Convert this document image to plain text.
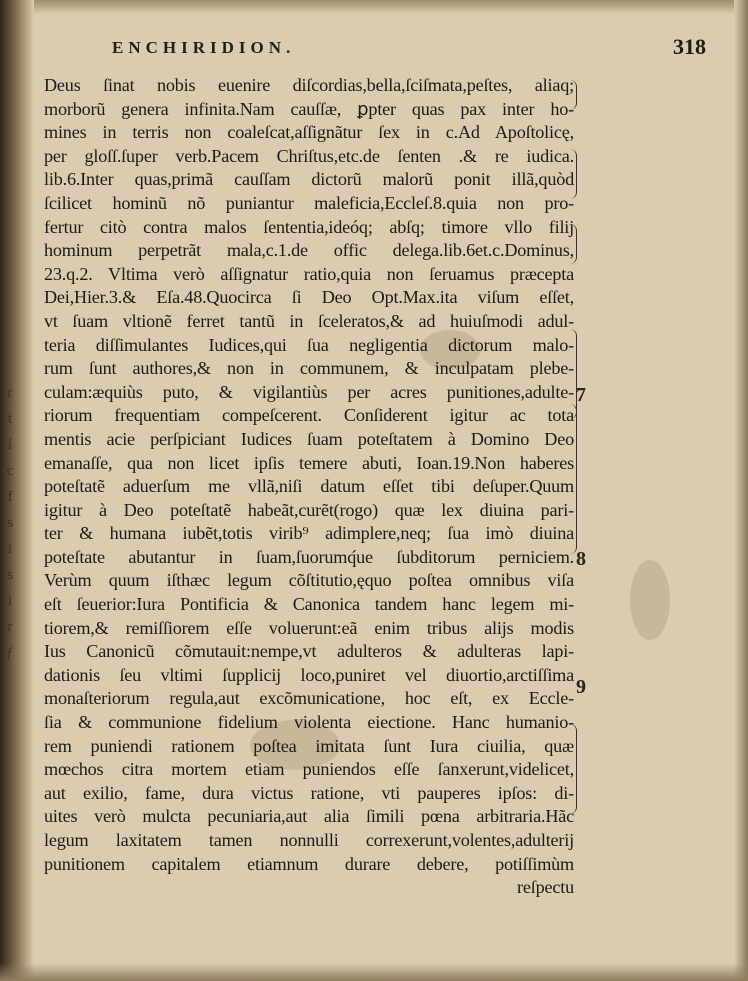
r
t
í
c
f
s
i
s
i
r
ƒ
ENCHIRIDION.	318
Deus ſinat nobis euenire diſcordias,bella,ſciſmata,peſtes, aliaq;
morborũ genera infinita.Nam cauſſæ, ꝑpter quas pax inter ho-
mines in terris non coaleſcat,aſſignãtur ſex in c.Ad Apoſtolicę,
per gloſſ.ſuper verb.Pacem Chriſtus,etc.de ſenten .& re iudica.
lib.6.Inter quas,primã cauſſam dictorũ malorũ ponit illã,quòd
ſcilicet hominũ nõ puniantur maleficia,Eccleſ.8.quia non pro-
fertur citò contra malos ſententia,ideóq; abſq; timore vllo filij
hominum perpetrãt mala,c.1.de offic delega.lib.6et.c.Dominus,
23.q.2. Vltima verò aſſignatur ratio,quia non ſeruamus præcepta
Dei,Hier.3.& Eſa.48.Quocirca ſi Deo Opt.Max.ita viſum eſſet,
vt ſuam vltionẽ ferret tantũ in ſceleratos,& ad huiuſmodi adul-
teria diſſimulantes Iudices,qui ſua negligentia dictorum malo-
rum ſunt authores,& non in communem, & inculpatam plebe-
culam:æquiùs puto, & vigilantiùs per acres punitiones,adulte-
riorum frequentiam compeſcerent. Conſiderent igitur ac tota
mentis acie perſpiciant Iudices ſuam poteſtatem à Domino Deo
emanaſſe, qua non licet ipſis temere abuti, Ioan.19.Non haberes
poteſtatẽ aduerſum me vllã,niſi datum eſſet tibi deſuper.Quum
igitur à Deo poteſtatẽ habeãt,curẽt(rogo) quæ lex diuina pari-
ter & humana iubẽt,totis virib⁹ adimplere,neq; ſua imò diuina
poteſtate abutantur in ſuam,ſuorumq́ue ſubditorum perniciem.
Verùm quum iſthæc legum cõſtitutio,ęquo poſtea omnibus viſa
eſt ſeuerior:Iura Pontificia & Canonica tandem hanc legem mi-
tiorem,& remiſſiorem eſſe voluerunt:eã enim tribus alijs modis
Ius Canonicũ cõmutauit:nempe,vt adulteros & adulteras lapi-
dationis ſeu vltimi ſupplicij loco,puniret vel diuortio,arctiſſima
monaſteriorum regula,aut excõmunicatione, hoc eſt, ex Eccle-
ſia & communione fidelium violenta eiectione. Hanc humanio-
rem puniendi rationem poſtea imitata ſunt Iura ciuilia, quæ
mœchos citra mortem etiam puniendos eſſe ſanxerunt,videlicet,
aut exilio, fame, dura victus ratione, vti pauperes ipſos: di-
uites verò mulcta pecuniaria,aut alia ſimili pœna arbitraria.Hãc
legum laxitatem tamen nonnulli correxerunt,volentes,adulterij
punitionem capitalem etiamnum durare debere, potiſſimùm
reſpectu
7
8
9
